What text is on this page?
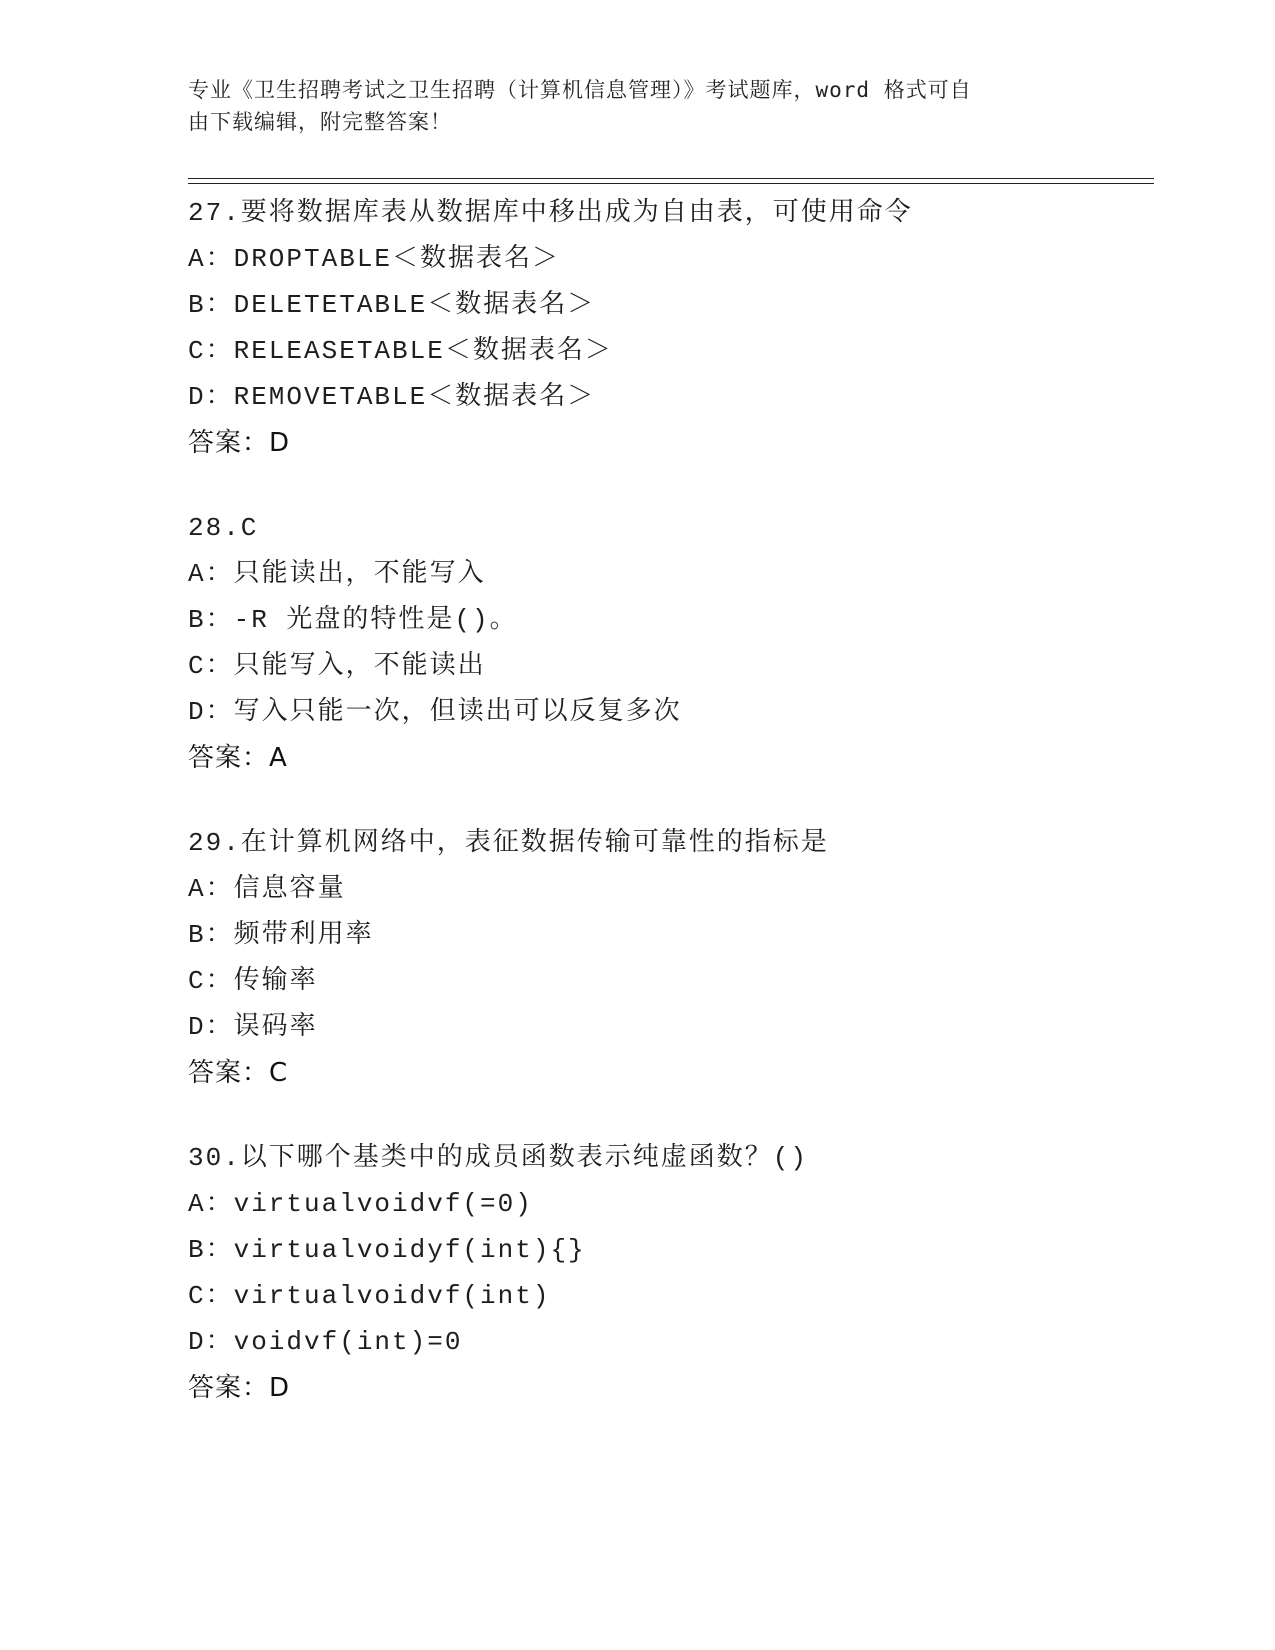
专业《卫生招聘考试之卫生招聘（计算机信息管理）》考试题库，word 格式可自
由下载编辑，附完整答案！
27.要将数据库表从数据库中移出成为自由表，可使用命令
A：DROPTABLE＜数据表名＞
B：DELETETABLE＜数据表名＞
C：RELEASETABLE＜数据表名＞
D：REMOVETABLE＜数据表名＞
答案：D
28.C
A：只能读出，不能写入
B：-R 光盘的特性是()。
C：只能写入，不能读出
D：写入只能一次，但读出可以反复多次
答案：A
29.在计算机网络中，表征数据传输可靠性的指标是
A：信息容量
B：频带利用率
C：传输率
D：误码率
答案：C
30.以下哪个基类中的成员函数表示纯虚函数？()
A：virtualvoidvf(=0)
B：virtualvoidyf(int){}
C：virtualvoidvf(int)
D：voidvf(int)=0
答案：D
